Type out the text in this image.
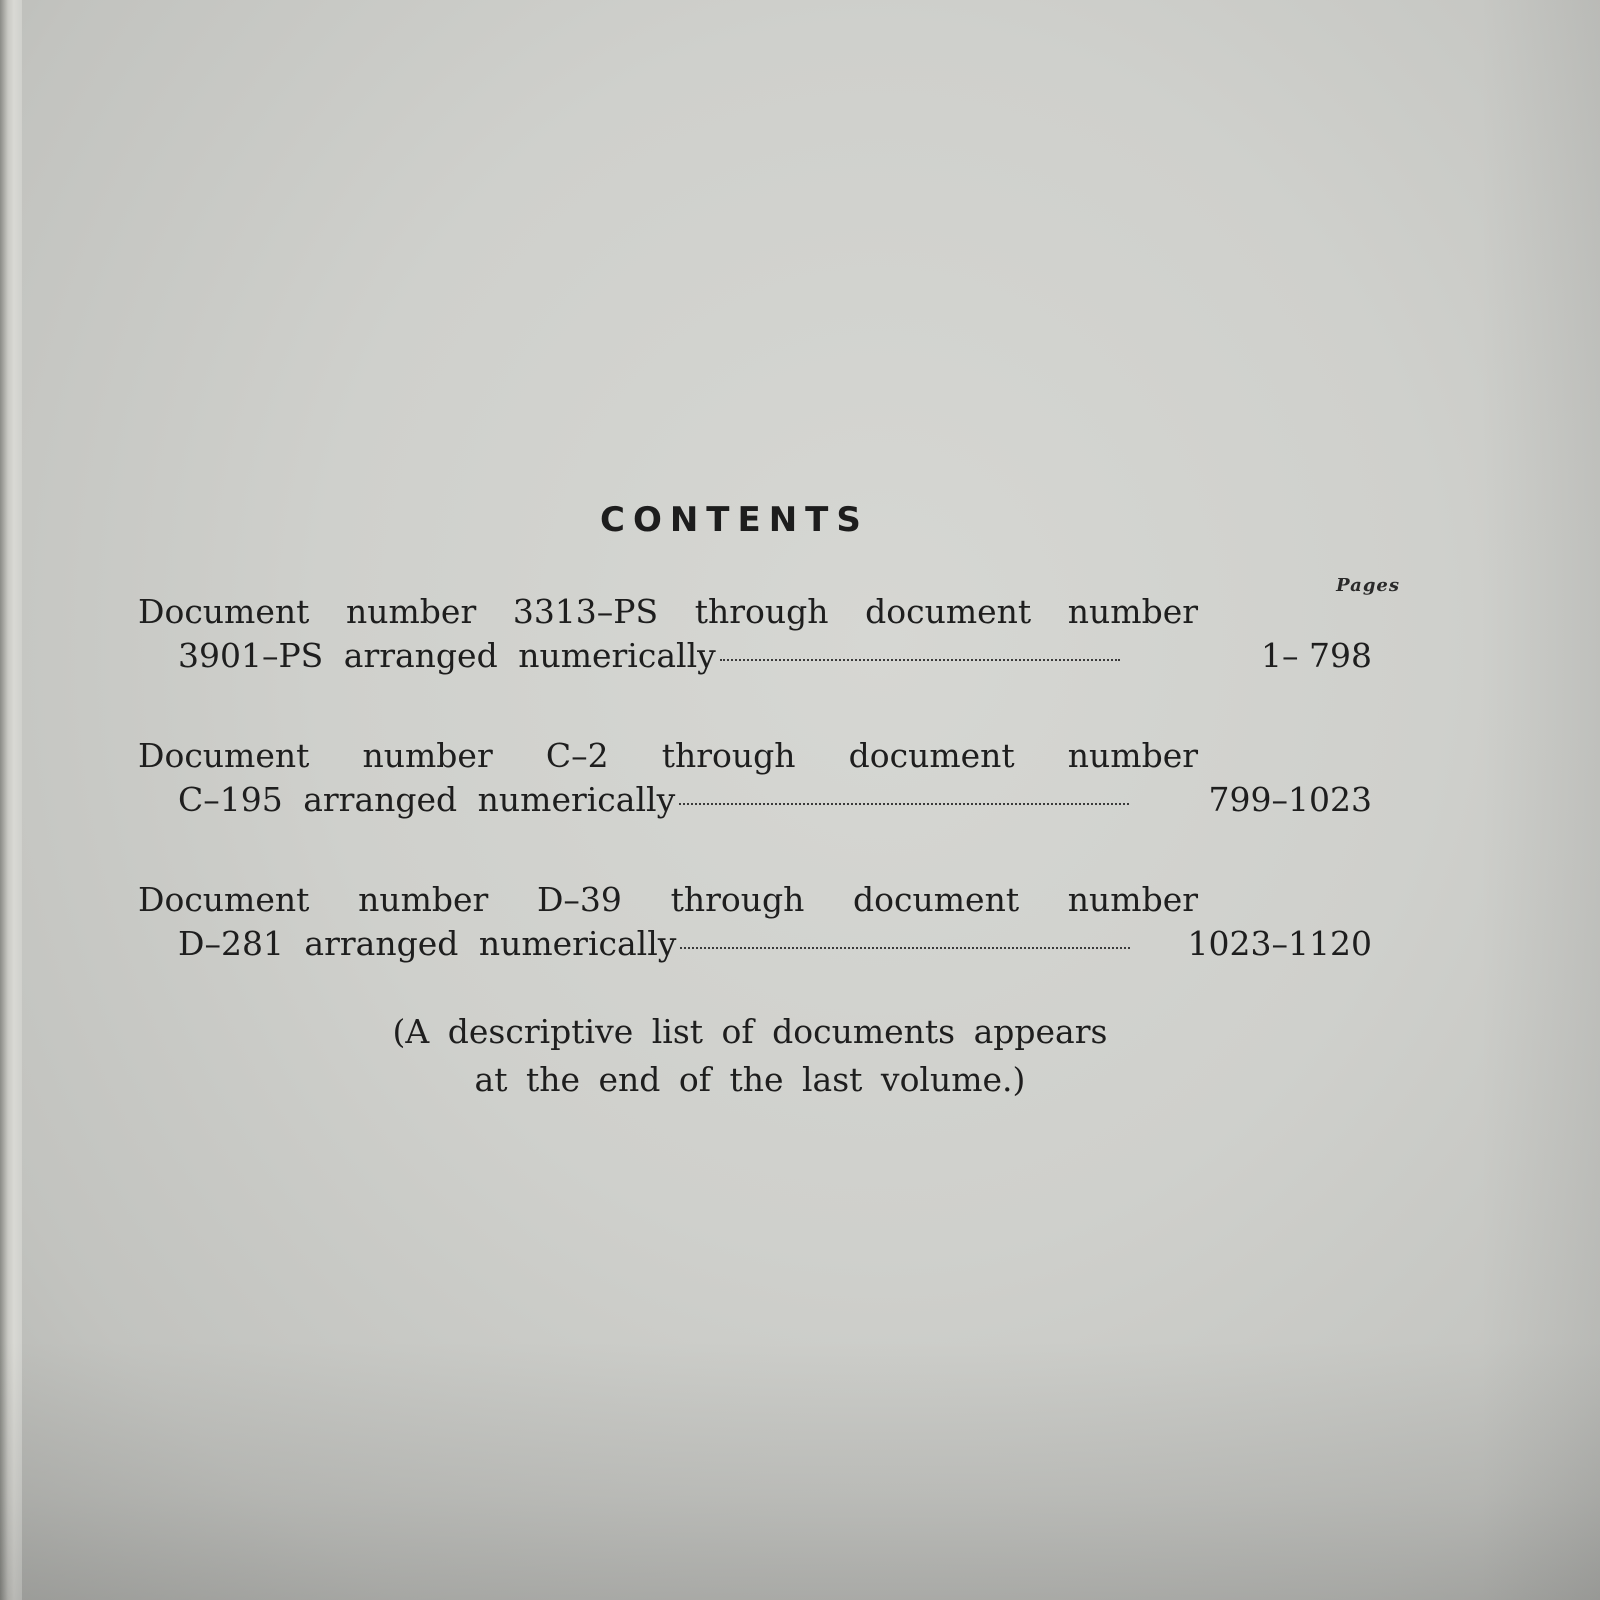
CONTENTS
Pages
Document number 3313–PS through document number
3901–PS arranged numerically	1– 798
Document number C–2 through document number
C–195 arranged numerically	799–1023
Document number D–39 through document number
D–281 arranged numerically	1023–1120
(A descriptive list of documents appears
at the end of the last volume.)
